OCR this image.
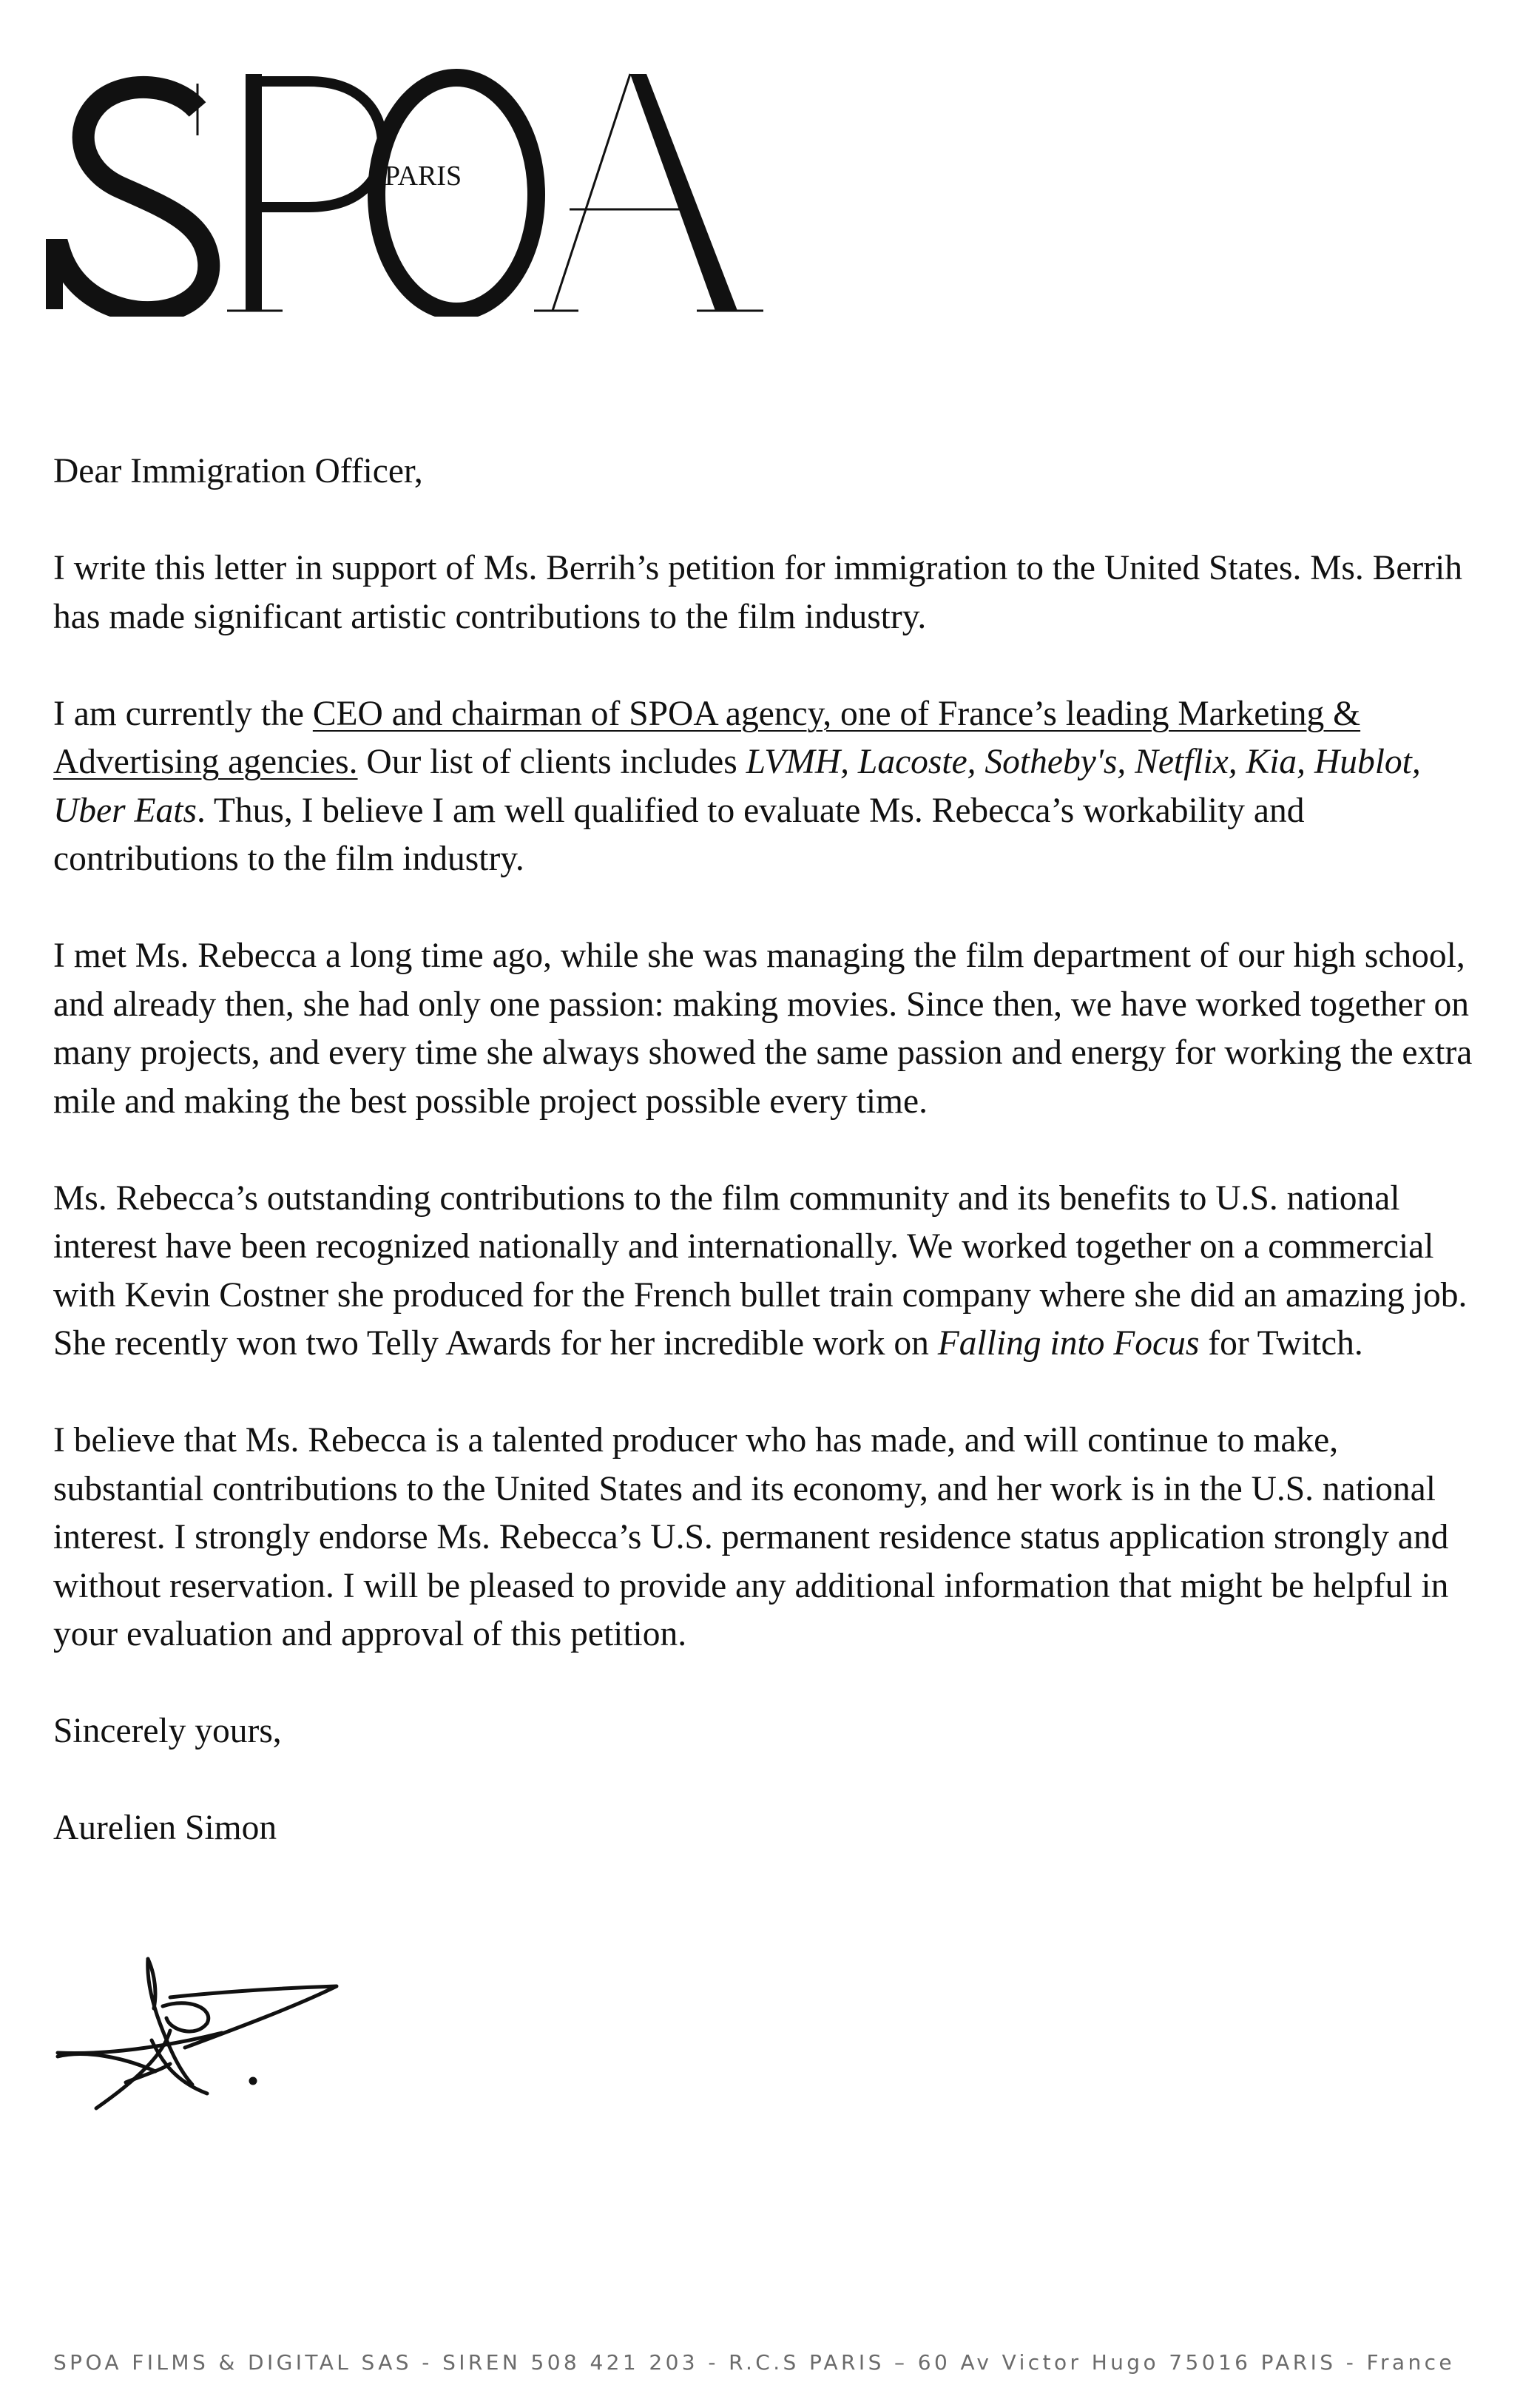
PARIS

Dear Immigration Officer,

I write this letter in support of Ms. Berrih’s petition for immigration to the United States. Ms. Berrih has made significant artistic contributions to the film industry.

I am currently the CEO and chairman of SPOA agency, one of France’s leading Marketing & Advertising agencies. Our list of clients includes LVMH, Lacoste, Sotheby's, Netflix, Kia, Hublot, Uber Eats. Thus, I believe I am well qualified to evaluate Ms. Rebecca’s workability and contributions to the film industry.

I met Ms. Rebecca a long time ago, while she was managing the film department of our high school, and already then, she had only one passion: making movies. Since then, we have worked together on many projects, and every time she always showed the same passion and energy for working the extra mile and making the best possible project possible every time.

Ms. Rebecca’s outstanding contributions to the film community and its benefits to U.S. national interest have been recognized nationally and internationally. We worked together on a commercial with Kevin Costner she produced for the French bullet train company where she did an amazing job. She recently won two Telly Awards for her incredible work on Falling into Focus for Twitch.

I believe that Ms. Rebecca is a talented producer who has made, and will continue to make, substantial contributions to the United States and its economy, and her work is in the U.S. national interest. I strongly endorse Ms. Rebecca’s U.S. permanent residence status application strongly and without reservation. I will be pleased to provide any additional information that might be helpful in your evaluation and approval of this petition.

Sincerely yours,

Aurelien Simon

SPOA FILMS & DIGITAL SAS - SIREN 508 421 203 - R.C.S PARIS – 60 Av Victor Hugo 75016 PARIS - France
